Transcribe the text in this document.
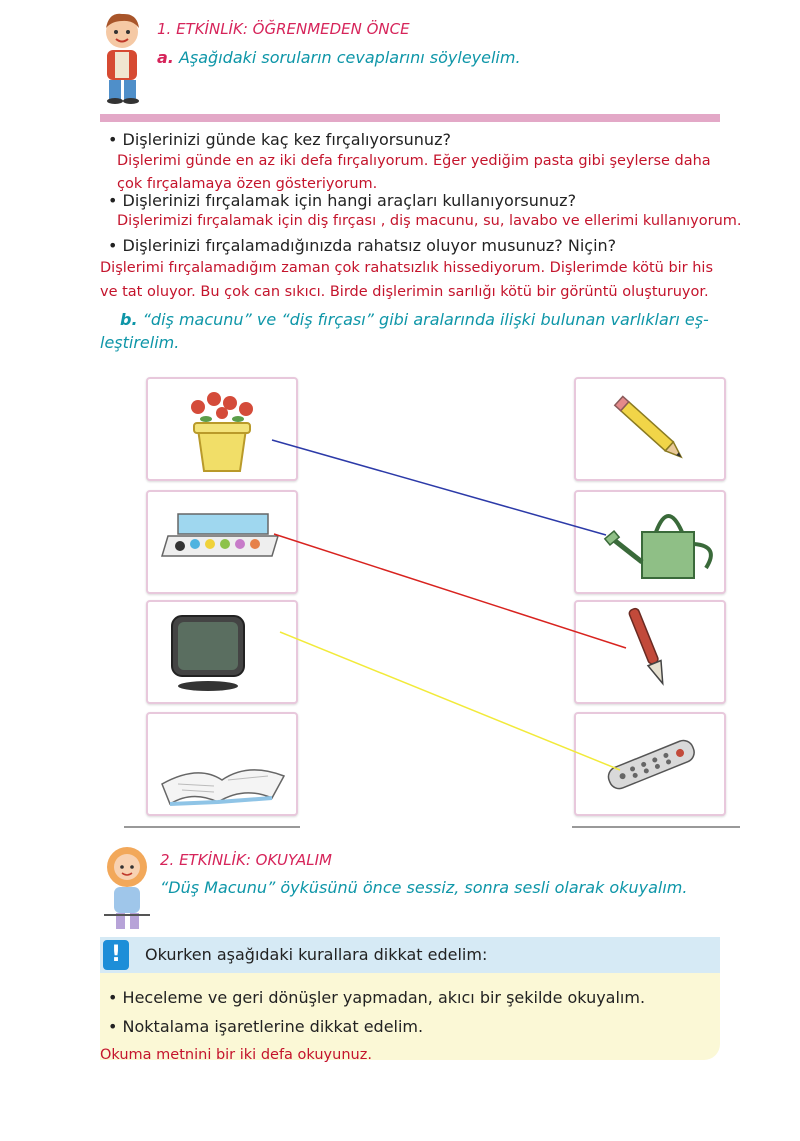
1. ETKİNLİK: ÖĞRENMEDEN ÖNCE
a. Aşağıdaki soruların cevaplarını söyleyelim.
• Dişlerinizi günde kaç kez fırçalıyorsunuz?
Dişlerimi günde en az iki defa fırçalıyorum. Eğer yediğim pasta gibi şeylerse daha
çok fırçalamaya özen gösteriyorum.
• Dişlerinizi fırçalamak için hangi araçları kullanıyorsunuz?
Dişlerimizi fırçalamak için diş fırçası , diş macunu, su, lavabo ve ellerimi kullanıyorum.
• Dişlerinizi fırçalamadığınızda rahatsız oluyor musunuz? Niçin?
Dişlerimi fırçalamadığım zaman çok rahatsızlık hissediyorum. Dişlerimde kötü bir his
ve tat oluyor. Bu çok can sıkıcı. Birde dişlerimin sarılığı kötü bir görüntü oluşturuyor.
b. “diş macunu” ve “diş fırçası” gibi aralarında ilişki bulunan varlıkları eş-
leştirelim.
2. ETKİNLİK: OKUYALIM
“Düş Macunu” öyküsünü önce sessiz, sonra sesli olarak okuyalım.
!	Okurken aşağıdaki kurallara dikkat edelim:
• Heceleme ve geri dönüşler yapmadan, akıcı bir şekilde okuyalım.
• Noktalama işaretlerine dikkat edelim.
Okuma metnini bir iki defa okuyunuz.
